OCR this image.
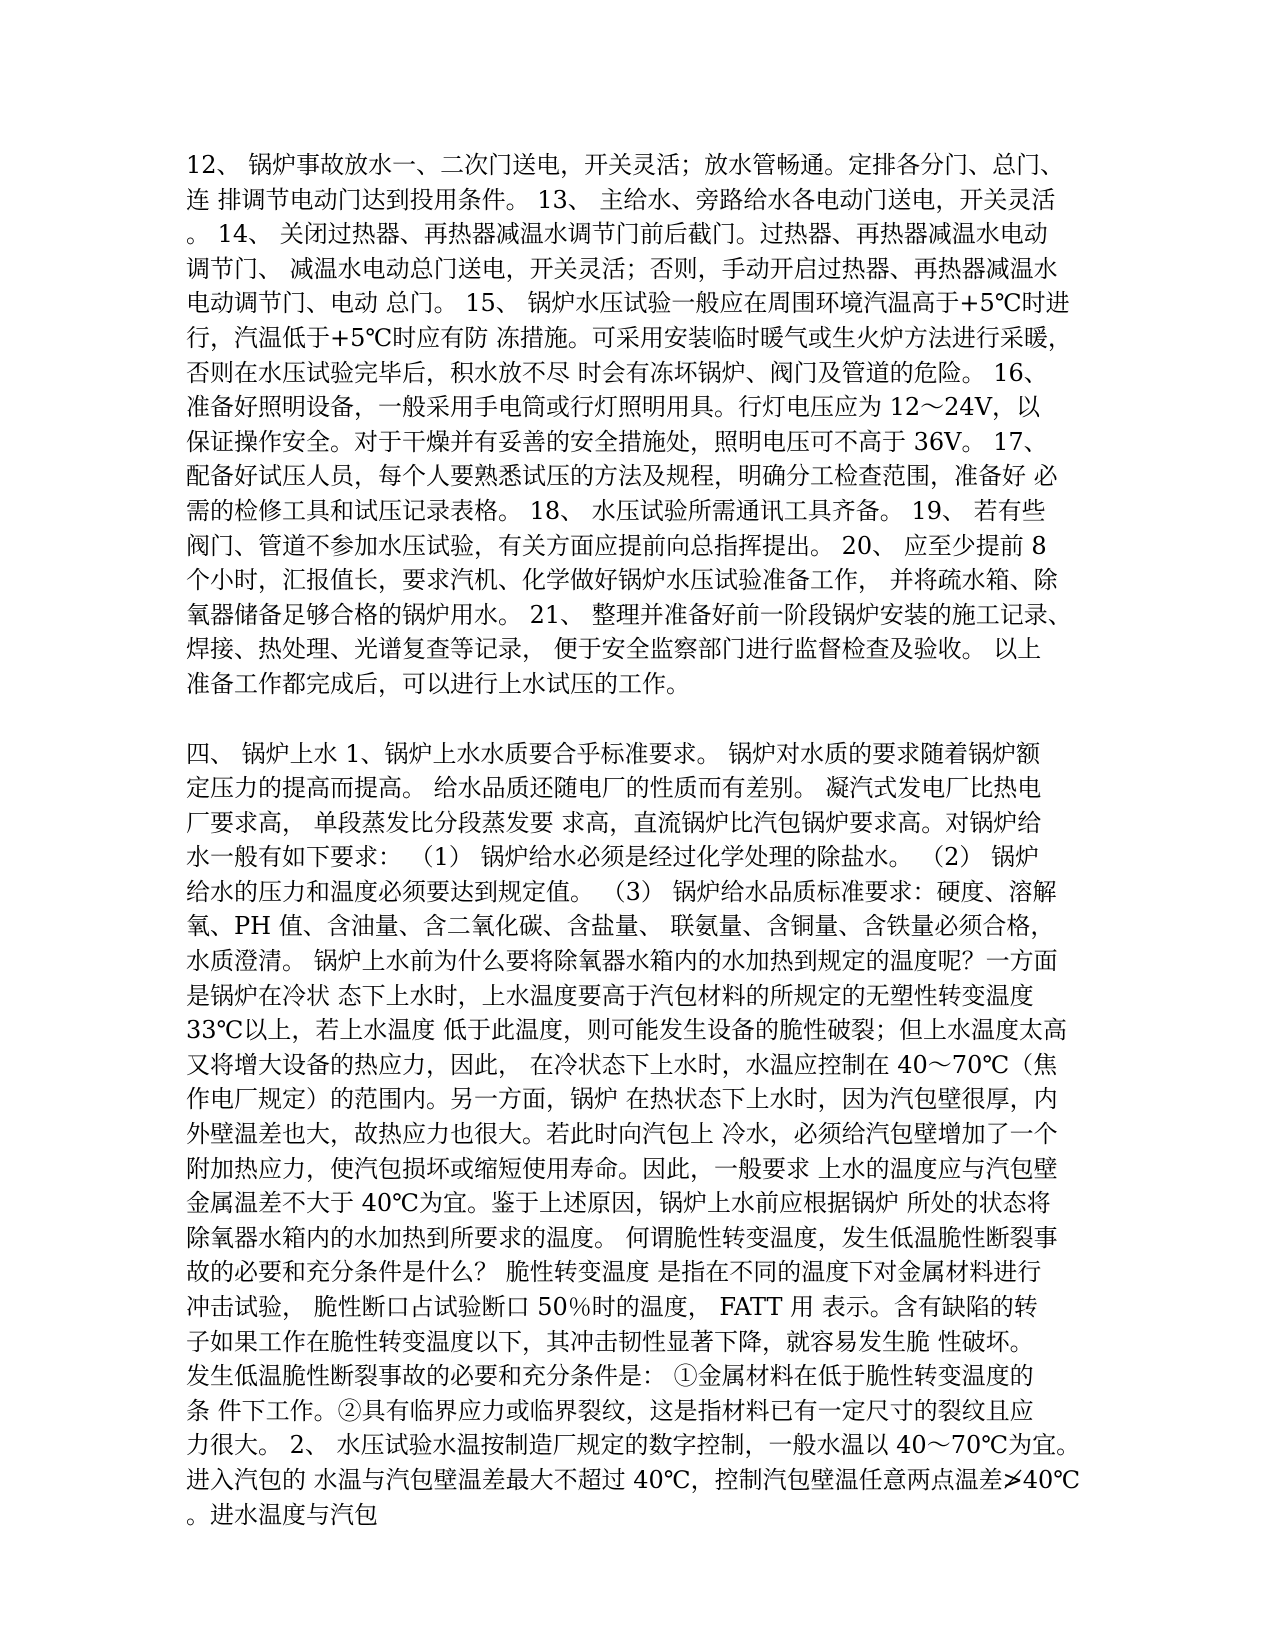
12、 锅炉事故放水一、二次门送电，开关灵活；放水管畅通。定排各分门、总门、
连 排调节电动门达到投用条件。 13、 主给水、旁路给水各电动门送电，开关灵活
。 14、 关闭过热器、再热器减温水调节门前后截门。过热器、再热器减温水电动
调节门、 减温水电动总门送电，开关灵活；否则，手动开启过热器、再热器减温水
电动调节门、电动 总门。 15、 锅炉水压试验一般应在周围环境汽温高于+5℃时进
行，汽温低于+5℃时应有防 冻措施。可采用安装临时暖气或生火炉方法进行采暖，
否则在水压试验完毕后，积水放不尽 时会有冻坏锅炉、阀门及管道的危险。 16、
准备好照明设备，一般采用手电筒或行灯照明用具。行灯电压应为 12～24V，以
保证操作安全。对于干燥并有妥善的安全措施处，照明电压可不高于 36V。 17、
配备好试压人员，每个人要熟悉试压的方法及规程，明确分工检查范围，准备好 必
需的检修工具和试压记录表格。 18、 水压试验所需通讯工具齐备。 19、 若有些
阀门、管道不参加水压试验，有关方面应提前向总指挥提出。 20、 应至少提前 8
个小时，汇报值长，要求汽机、化学做好锅炉水压试验准备工作， 并将疏水箱、除
氧器储备足够合格的锅炉用水。 21、 整理并准备好前一阶段锅炉安装的施工记录、
焊接、热处理、光谱复查等记录， 便于安全监察部门进行监督检查及验收。 以上
准备工作都完成后，可以进行上水试压的工作。
四、 锅炉上水 1、锅炉上水水质要合乎标准要求。 锅炉对水质的要求随着锅炉额
定压力的提高而提高。 给水品质还随电厂的性质而有差别。 凝汽式发电厂比热电
厂要求高， 单段蒸发比分段蒸发要 求高，直流锅炉比汽包锅炉要求高。对锅炉给
水一般有如下要求： （1） 锅炉给水必须是经过化学处理的除盐水。 （2） 锅炉
给水的压力和温度必须要达到规定值。 （3） 锅炉给水品质标准要求：硬度、溶解
氧、PH 值、含油量、含二氧化碳、含盐量、 联氨量、含铜量、含铁量必须合格，
水质澄清。 锅炉上水前为什么要将除氧器水箱内的水加热到规定的温度呢？一方面
是锅炉在冷状 态下上水时，上水温度要高于汽包材料的所规定的无塑性转变温度
33℃以上，若上水温度 低于此温度，则可能发生设备的脆性破裂；但上水温度太高
又将增大设备的热应力，因此， 在冷状态下上水时，水温应控制在 40～70℃（焦
作电厂规定）的范围内。另一方面，锅炉 在热状态下上水时，因为汽包壁很厚，内
外壁温差也大，故热应力也很大。若此时向汽包上 冷水，必须给汽包壁增加了一个
附加热应力，使汽包损坏或缩短使用寿命。因此，一般要求 上水的温度应与汽包壁
金属温差不大于 40℃为宜。鉴于上述原因，锅炉上水前应根据锅炉 所处的状态将
除氧器水箱内的水加热到所要求的温度。 何谓脆性转变温度，发生低温脆性断裂事
故的必要和充分条件是什么？ 脆性转变温度 是指在不同的温度下对金属材料进行
冲击试验， 脆性断口占试验断口 50％时的温度， FATT 用 表示。含有缺陷的转
子如果工作在脆性转变温度以下，其冲击韧性显著下降，就容易发生脆 性破坏。
发生低温脆性断裂事故的必要和充分条件是： ①金属材料在低于脆性转变温度的
条 件下工作。②具有临界应力或临界裂纹，这是指材料已有一定尺寸的裂纹且应
力很大。 2、 水压试验水温按制造厂规定的数字控制，一般水温以 40～70℃为宜。
进入汽包的 水温与汽包壁温差最大不超过 40℃，控制汽包壁温任意两点温差≯40℃
。进水温度与汽包
